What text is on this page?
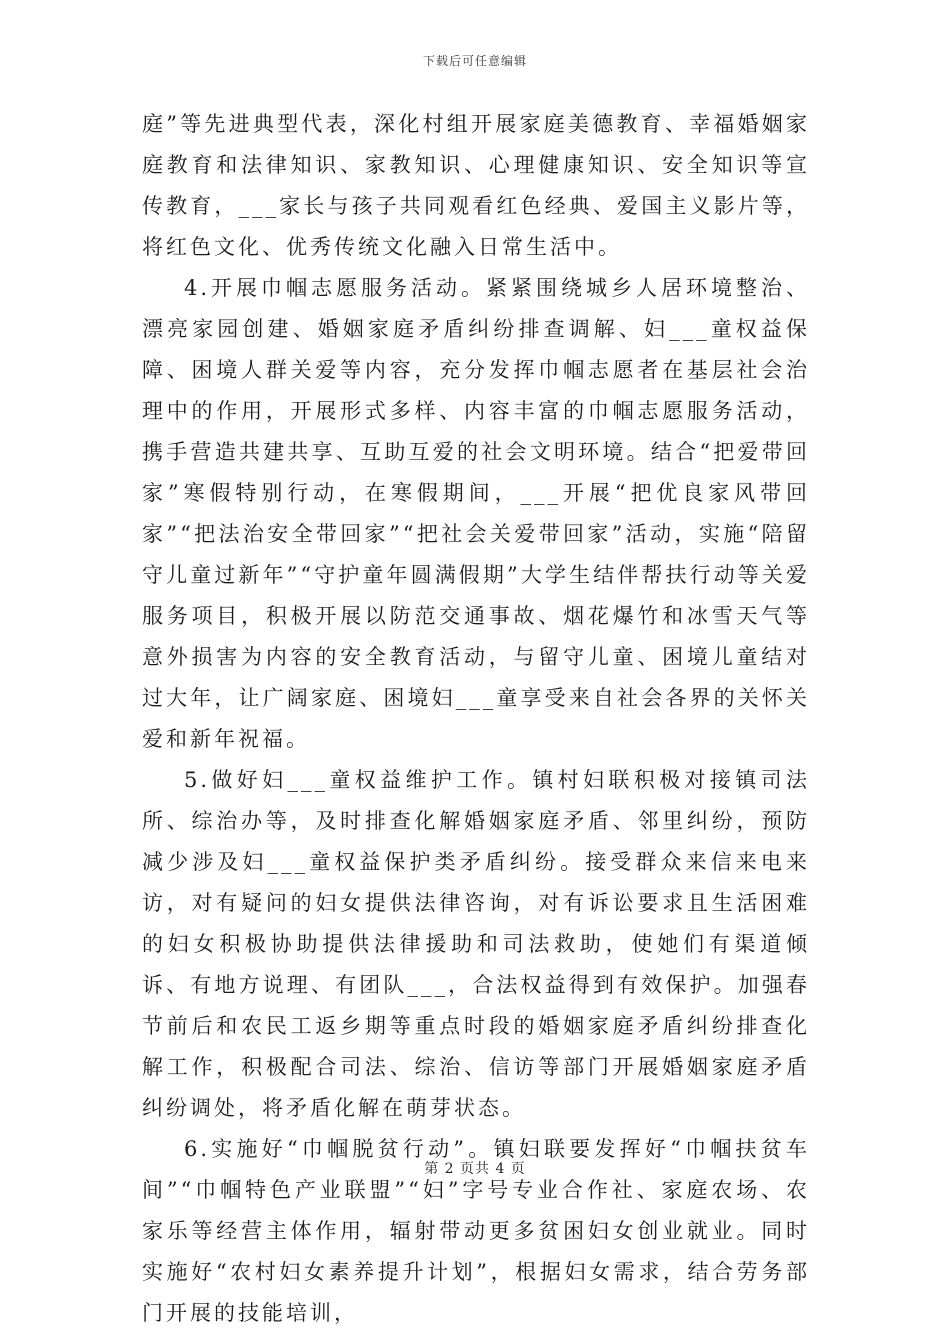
下载后可任意编辑

庭”等先进典型代表，深化村组开展家庭美德教育、幸福婚姻家庭教育和法律知识、家教知识、心理健康知识、安全知识等宣传教育，___家长与孩子共同观看红色经典、爱国主义影片等，将红色文化、优秀传统文化融入日常生活中。

4.开展巾帼志愿服务活动。紧紧围绕城乡人居环境整治、漂亮家园创建、婚姻家庭矛盾纠纷排查调解、妇___童权益保障、困境人群关爱等内容，充分发挥巾帼志愿者在基层社会治理中的作用，开展形式多样、内容丰富的巾帼志愿服务活动，携手营造共建共享、互助互爱的社会文明环境。结合“把爱带回家”寒假特别行动，在寒假期间，___开展“把优良家风带回家”“把法治安全带回家”“把社会关爱带回家”活动，实施“陪留守儿童过新年”“守护童年圆满假期”大学生结伴帮扶行动等关爱服务项目，积极开展以防范交通事故、烟花爆竹和冰雪天气等意外损害为内容的安全教育活动，与留守儿童、困境儿童结对过大年，让广阔家庭、困境妇___童享受来自社会各界的关怀关爱和新年祝福。

5.做好妇___童权益维护工作。镇村妇联积极对接镇司法所、综治办等，及时排查化解婚姻家庭矛盾、邻里纠纷，预防减少涉及妇___童权益保护类矛盾纠纷。接受群众来信来电来访，对有疑问的妇女提供法律咨询，对有诉讼要求且生活困难的妇女积极协助提供法律援助和司法救助，使她们有渠道倾诉、有地方说理、有团队___，合法权益得到有效保护。加强春节前后和农民工返乡期等重点时段的婚姻家庭矛盾纠纷排查化解工作，积极配合司法、综治、信访等部门开展婚姻家庭矛盾纠纷调处，将矛盾化解在萌芽状态。

6.实施好“巾帼脱贫行动”。镇妇联要发挥好“巾帼扶贫车间”“巾帼特色产业联盟”“妇”字号专业合作社、家庭农场、农家乐等经营主体作用，辐射带动更多贫困妇女创业就业。同时实施好“农村妇女素养提升计划”，根据妇女需求，结合劳务部门开展的技能培训，

第 2 页共 4 页
